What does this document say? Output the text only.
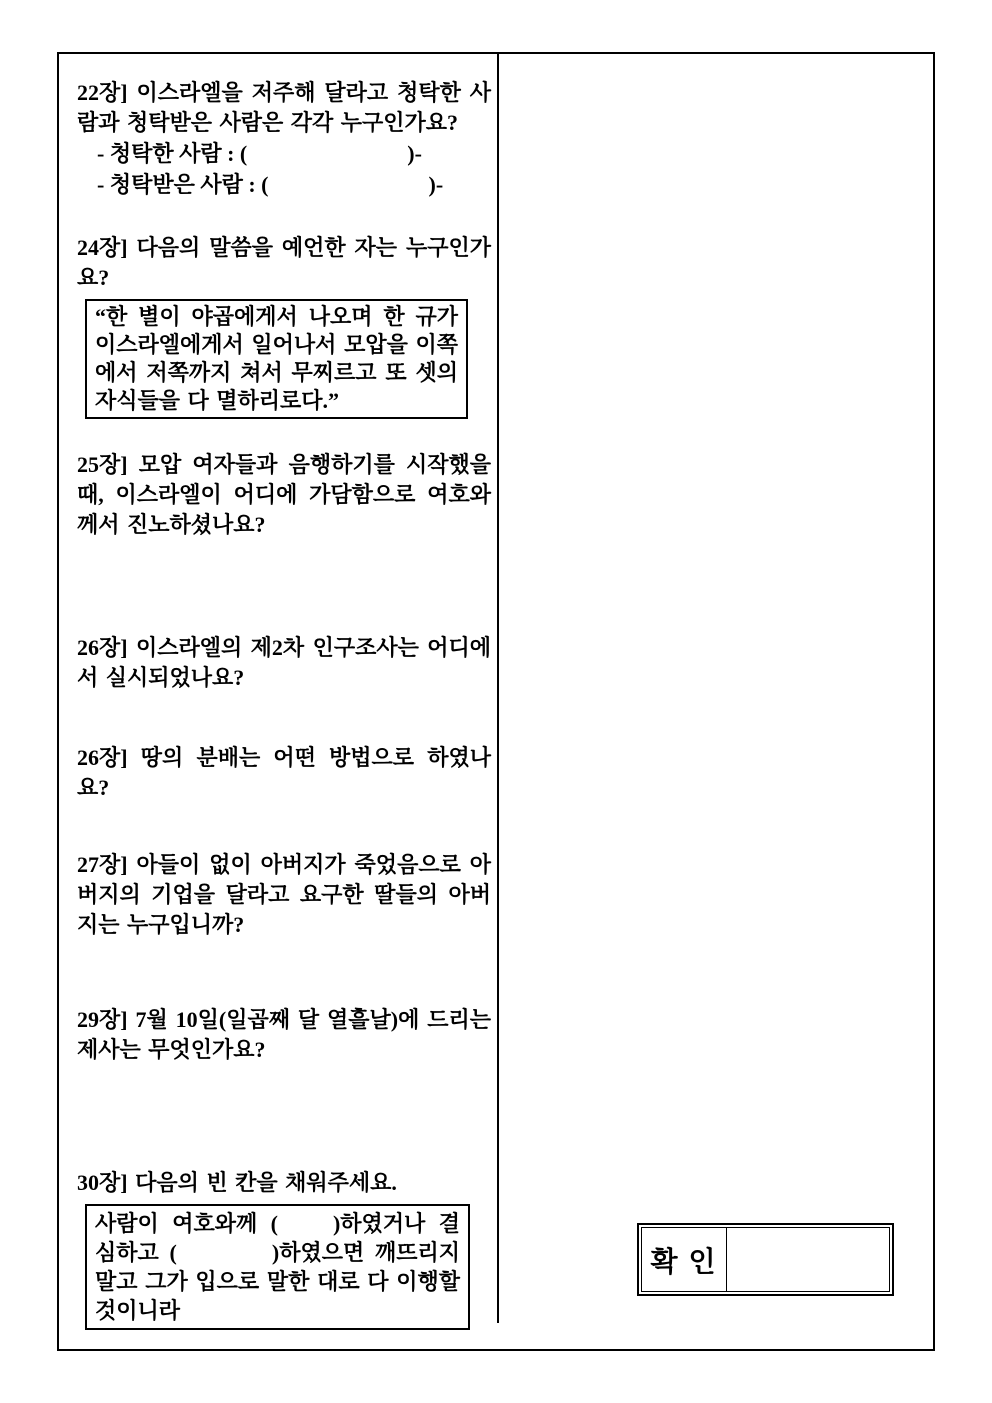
22장] 이스라엘을 저주해 달라고 청탁한 사람과 청탁받은 사람은 각각 누구인가요?

- 청탁한 사람 : (	)-
- 청탁받은 사람 : (	)-

24장] 다음의 말씀을 예언한 자는 누구인가요?

“한 별이 야곱에게서 나오며 한 규가 이스라엘에게서 일어나서 모압을 이쪽에서 저쪽까지 쳐서 무찌르고 또 셋의 자식들을 다 멸하리로다.”

25장] 모압 여자들과 음행하기를 시작했을 때, 이스라엘이 어디에 가담함으로 여호와께서 진노하셨나요?

26장] 이스라엘의 제2차 인구조사는 어디에서 실시되었나요?

26장] 땅의 분배는 어떤 방법으로 하였나요?

27장] 아들이 없이 아버지가 죽었음으로 아버지의 기업을 달라고 요구한 딸들의 아버지는 누구입니까?

29장] 7월 10일(일곱째 달 열흘날)에 드리는 제사는 무엇인가요?

30장] 다음의 빈 칸을 채워주세요.

사람이 여호와께 (	)하였거나 결심하고 (	)하였으면 깨뜨리지 말고 그가 입으로 말한 대로 다 이행할 것이니라

확 인
